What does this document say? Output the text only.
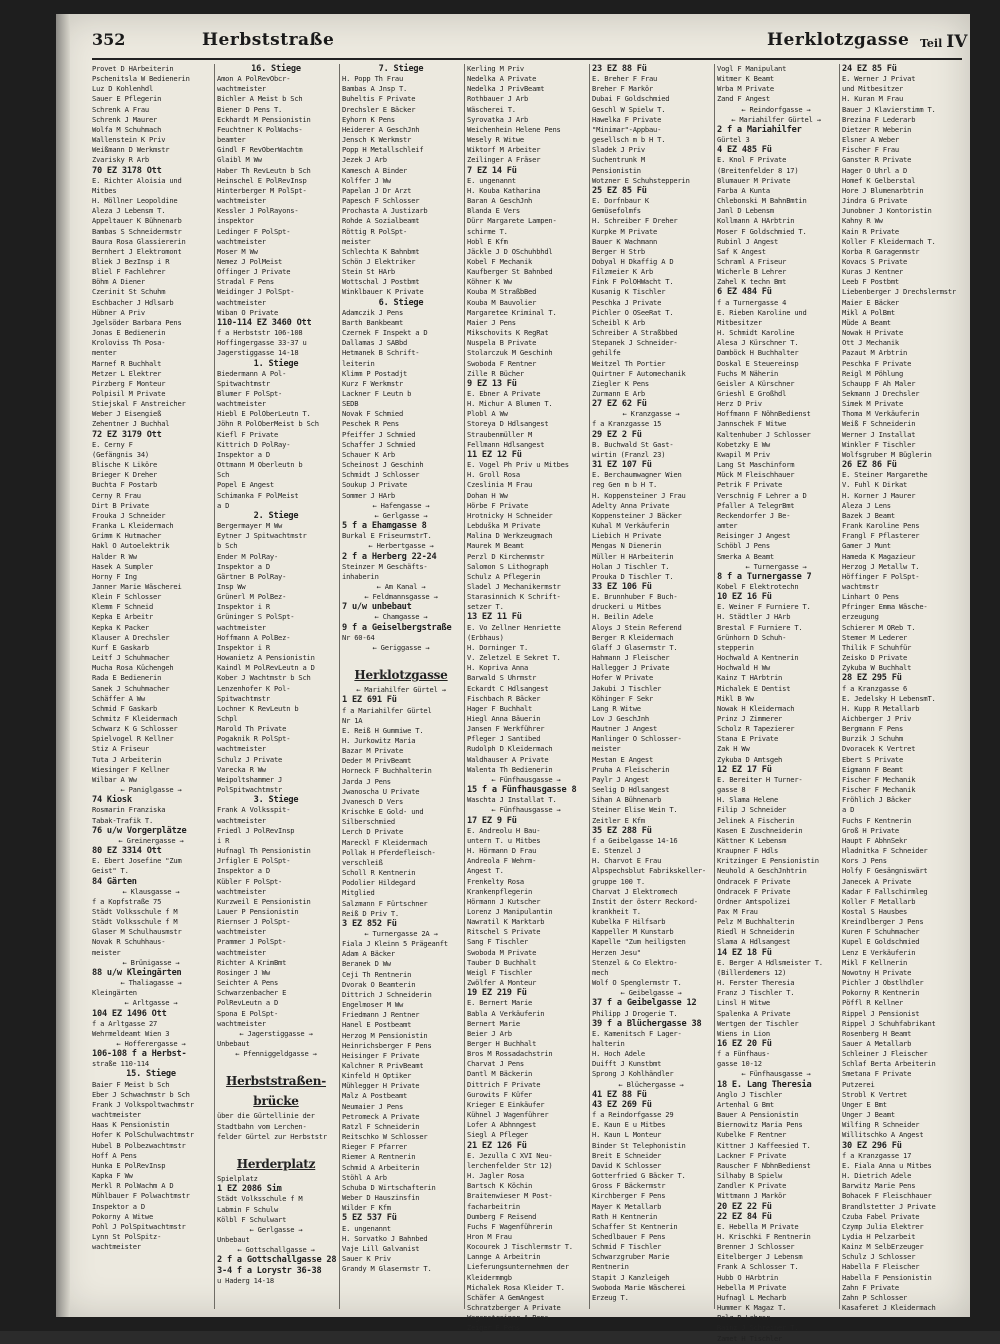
352	Herbststraße	Herklotzgasse Teil IV
Provet D HArbeiterin
Pschenitsla W Bedienerin
Luz D Kohlenhdl
Sauer E Pflegerin
Schrenk A Frau
Schrenk J Maurer
Wolfa M Schuhmach
Wallenstein K Priv
Weißmann D Werkmstr
Zvarisky R Arb
70 EZ 3178 Ott
E. Richter Aloisia und
Mitbes
H. Möllner Leopoldine
Aleza J Lebensm T.
Appeltauer K Bühnenarb
Bambas S Schneidermstr
Baura Rosa Glassiererin
Bernhert J Elektromont
Bliek J BezInsp i R
Bliel F Fachlehrer
Böhm A Diener
Czerinit St Schuhm
Eschbacher J Hdlsarb
Hübner A Priv
Jgelsöder Barbara Pens
Jonas E Bedienerin
Kroloviss Th Posa-
menter
Marnef R Buchhalt
Metzer L Elektrer
Pirzberg F Monteur
Polpisil M Private
Stiejskal F Anstreicher
Weber J Eisengieß
Zehentner J Buchhal
72 EZ 3179 Ott
E. Cerny F
(Gefängnis 34)
Blische K Liköre
Brieger K Dreher
Buchta F Postarb
Cerny R Frau
Dirt B Private
Frouka J Schneider
Franka L Kleidermach
Grimm K Hutmacher
Hakl O Autoelektrik
Halder R Ww
Hasek A Sumpler
Horny F Ing
Janner Marie Wäscherei
Klein F Schlosser
Klemm F Schneid
Kepka E Arbeitr
Kepka K Packer
Klauser A Drechsler
Kurf E Gaskarb
Leitf J Schuhmacher
Mucha Rosa Küchengeh
Rada E Bedienerin
Sanek J Schuhmacher
Schäffer A Ww
Schmid F Gaskarb
Schmitz F Kleidermach
Schwarz K G Schlosser
Spielvogel R Kellner
Stiz A Friseur
Tuta J Arbeiterin
Wiesinger F Kellner
Wilbar A Ww
← Paniglgasse →
74 Kiosk
Rosmarin Franziska
Tabak-Trafik T.
76 u/w Vorgerplätze
← Greinergasse →
80 EZ 3314 Ott
E. Ebert Josefine "Zum
Geist" T.
84 Gärten
← Klausgasse →
f a Kopfstraße 75
Städt Volksschule f M
Städt Volksschule f M
Glaser M Schulhausmstr
Novak R Schuhhaus-
meister
← Brünigasse →
88 u/w Kleingärten
← Thaliagasse →
Kleingärten
← Arltgasse →
104 EZ 1496 Ott
f a Arltgasse 27
Wehrmeldeamt Wien 3
← Hofferergasse →
106-108 f a Herbst-
straße 110-114
15. Stiege
Baier F Meist b Sch
Eber J Schwachmstr b Sch
Frank J Volkspoltwachmstr
wachtmeister
Haas K Pensionistin
Hofer K PolSchulwachtmstr
Hubel B Polbezwachtmstr
Hoff A Pens
Hunka E PolRevInsp
Kapka F Ww
Merkl R PolWachm A D
Mühlbauer F Polwachtmstr
Inspektor a D
Pokorny A Witwe
Pohl J PolSpitwachtmstr
Lynn St PolSpitz-
wachtmeister
16. Stiege
Amon A PolRevObcr-
wachtmeister
Bichler A Meist b Sch
Biener D Pens T.
Eckhardt M Pensionistin
Feuchtner K PolWachs-
beamter
Gindl F RevOberWachtm
Glaibl M Ww
Haber Th RevLeutn b Sch
Heinschel E PolRevInsp
Hinterberger M PolSpt-
wachtmeister
Kessler J PolRayons-
inspektor
Ledinger F PolSpt-
wachtmeister
Moser M Ww
Nemez J PolMeist
Offinger J Private
Stradal F Pens
Weidinger J PolSpt-
wachtmeister
Wiban O Private
110-114 EZ 3460 Ott
f a Herbststr 106-108
Hoffingergasse 33-37 u
Jagerstiggasse 14-18
1. Stiege
Biedermann A Pol-
Spitwachtmstr
Blumer F PolSpt-
wachtmeister
Hiebl E PolOberLeutn T.
Jöhn R PolOberMeist b Sch
Kiefl F Private
Kittrich D PolRay-
Inspektor a D
Ottmann M Oberleutn b
Sch
Popel E Angest
Schimanka F PolMeist
a D
2. Stiege
Bergermayer M Ww
Eytner J Spitwachtmstr
b Sch
Ender M PolRay-
Inspektor a D
Gärtner B PolRay-
Insp Ww
Grünerl M PolBez-
Inspektor i R
Grüninger S PolSpt-
wachtmeister
Hoffmann A PolBez-
Inspektor i R
Howanietz A Pensionistin
Kaindl M PolRevLeutn a D
Kober J Wachtmstr b Sch
Lenzenhofer K Pol-
Spitwachtmstr
Lochner K RevLeutn b
Schpl
Marold Th Private
Pogaknik R PolSpt-
wachtmeister
Schulz J Private
Varecka R Ww
Weipoltshammer J
PolSpitwachtmstr
3. Stiege
Frank A Volksspit-
wachtmeister
Friedl J PolRevInsp
i R
Hufnagl Th Pensionistin
Jrfigler E PolSpt-
Inspektor a D
Kübler F PolSpt-
wachtmeister
Kurzweil E Pensionistin
Lauer P Pensionistin
Riernser J PolSpt-
wachtmeister
Prammer J PolSpt-
wachtmeister
Richter A KrimBmt
Rosinger J Ww
Seichter A Pens
Schwarzenbacher E
PolRevLeutn a D
Spona E PolSpt-
wachtmeister
← Jagerstiggasse →
Unbebaut
← Pfenniggeldgasse →

Herbststraßen-
brücke
über die Gürtellinie der
Stadtbahn vom Lerchen-
felder Gürtel zur Herbststr

Herderplatz
Spielplatz
1 EZ 2086 Sim
Städt Volksschule f M
Labmin F Schulw
Kölbl F Schulwart
← Gerlgasse →
Unbebaut
← Gottschallgasse →
2 f a Gottschallgasse 28
3-4 f a Lorystr 36-38
u Haderg 14-18
7. Stiege
H. Popp Th Frau
Bambas A Jnsp T.
Buheltis F Private
Drechsler E Bäcker
Eyhorn K Pens
Heiderer A GeschJnh
Jensch K Werkmstr
Popp H Metallschleif
Jezek J Arb
Kamesch A Binder
Kolffer J Ww
Papelan J Dr Arzt
Papesch F Schlosser
Prochasta A Justizarb
Rohde A Sozialbeamt
Röttig R PolSpt-
meister
Schlechta K Bahnbmt
Schön J Elektriker
Stein St HArb
Wottschal J Postbmt
Winklbauer K Private
6. Stiege
Adamczik J Pens
Barth Bankbeamt
Czernek F Inspekt a D
Dallamas J SABbd
Hetmanek B Schrift-
leiterin
Klimm P Postadjt
Kurz F Werkmstr
Lackner F Leutn b
SEDB
Novak F Schmied
Peschek R Pens
Pfeiffer J Schmied
Schaffer J Schmied
Schauer K Arb
Scheinost J Geschinh
Schmidt J Schlosser
Soukup J Private
Sommer J HArb
← Hafengasse →
← Gerlgasse →
5 f a Ehamgasse 8
Burkal E FriseurmstrT.
← Herbertgasse →
2 f a Herberg 22-24
Steinzer M Geschäfts-
inhaberin
← Am Kanal →
← Feldmannsgasse →
7 u/w unbebaut
← Chamgasse →
9 f a Geiselbergstraße
Nr 60-64
← Geriggasse →

Herklotzgasse
← Mariahilfer Gürtel →
1 EZ 691 Fü
f a Mariahilfer Gürtel
Nr 1A
E. Reiß H Gummiwe T.
H. Jurkowitz Maria
Bazar M Private
Deder M PrivBeamt
Horneck F Buchhalterin
Jarda J Pens
Jwanoscha U Private
Jvanesch D Vers
Krischke E Gold- und
Silberschmied
Lerch D Private
Mareckl F Kleidermach
Pollak H Pferdefleisch-
verschleiß
Scholl R Kentnerin
Podolier Hildegard
Mitglied
Salzmann F Fürtschner
Reiß D Priv T.
3 EZ 852 Fü
← Turnergasse 2A →
Fiala J Kleinn 5 Prägeanft
Adam A Bäcker
Beranek D Ww
Ceji Th Rentnerin
Dvorak O Beamterin
Dittrich J Schneiderin
Engelmoser M Ww
Friedmann J Rentner
Hanel E Postbeamt
Herzog M Pensionistin
Heinrichsberger F Pens
Heisinger F Private
Kalchner R PrivBeamt
Kinfeld H Optiker
Mühlegger H Private
Malz A Postbeamt
Neumaier J Pens
Petromeck A Private
Ratzl F Schneiderin
Reitschko W Schlosser
Rieger F Pfarrer
Riemer A Rentnerin
Schmid A Arbeiterin
Stöhl A Arb
Schuba D Wirtschafterin
Weber D Hauszinsfin
Wilder F Kfm
5 EZ 537 Fü
E. ungenannt
H. Sorvatko J Bahnbed
Vaje Lill Galvanist
Sauer K Priv
Grandy M Glasermstr T.
Kerling M Priv
Nedelka A Private
Nedelka J PrivBeamt
Rothbauer J Arb
Wäscherei T.
Syrovatka J Arb
Weichenhein Helene Pens
Wesely R Witwe
Wiktorf M Arbeiter
Zeilinger A Fräser
7 EZ 14 Fü
E. ungenannt
H. Kouba Katharina
Baran A GeschJnh
Blanda E Vers
Dürr Margarete Lampen-
schirme T.
Hobl E Kfm
Jäckle J D OSchuhbhdl
Kobel F Mechanik
Kaufberger St Bahnbed
Köhner K Ww
Kouba M StraßbBed
Kouba M Bauvolier
Margaretee Kriminal T.
Maier J Pens
Mikschovits K RegRat
Nuspela B Private
Stolarczuk M Geschinh
Swoboda F Rentner
Zille R Bücher
9 EZ 13 Fü
E. Ebner A Private
H. Michur A Blumen T.
Plobl A Ww
Storeya D Hdlsangest
Straubenmüller M
Fellmann Hdlsangest
11 EZ 12 Fü
E. Vogel Ph Priv u Mitbes
H. Groll Rosa
Czeslinia M Frau
Dohan H Ww
Hörbe F Private
Hrotnicky H Schneider
Lebduška M Private
Malina D Werkzeugmach
Maurek M Beamt
Perzl D Kirchenmstr
Salomon S Lithograph
Schulz A Pflegerin
Sladel J Mechanikermstr
Starasinnich K Schrift-
setzer T.
13 EZ 11 Fü
E. Vo Zellner Henriette
(Erbhaus)
H. Dorninger T.
V. Zeletzel E Sekret T.
H. Kopriva Anna
Barwald S Uhrmstr
Eckardt C Hdlsangest
Fischbach R Bäcker
Hager F Buchhalt
Hiegl Anna Bäuerin
Jansen F Werkführer
Pfleger J Santibed
Rudolph D Kleidermach
Waldhauser A Private
Walenta Th Bedienerin
← Fünfhausgasse →
15 f a Fünfhausgasse 8
Waschta J Installat T.
← Fünfhausgasse →
17 EZ 9 Fü
E. Andreolu H Bau-
untern T. u Mitbes
H. Hörmann D Frau
Andreola F Wehrm-
Angest T.
Frenkelty Rosa
Krankenpflegerin
Hörmann J Kutscher
Lorenz J Manipulantin
Nawratil K Marktarb
Ritschel S Private
Sang F Tischler
Swoboda M Private
Tauber D Buchhalt
Weigl F Tischler
Zwölfer A Monteur
19 EZ 219 Fü
E. Bernert Marie
Babla A Verkäuferin
Bernert Marie
Beier J Arb
Berger H Buchhalt
Bros M Rossadachstrin
Charvat J Pens
Dantl M Bäckerin
Dittrich F Private
Gurowits F Küfer
Krieger E Einkäufer
Kühnel J Wagenführer
Lofer A Abhnngest
Siegl A Pfleger
21 EZ 126 Fü
E. Jezulla C XVI Neu-
lerchenfelder Str 12)
H. Jagler Rosa
Bartsch K Köchin
Braitenwieser M Post-
facharbeitrin
Dumberg F Reisend
Fuchs F Wagenführerin
Hron M Frau
Kocourek J Tischlermstr T.
Lannge A Arbeitrin
Lieferungsunternehmen der
Kleidermmgb
Michalek Rosa Kleider T.
Schäfer A GemAngest
Schratzberger A Private
Wegenstreiner A Pens
Zeiger F Pens
23 EZ 88 Fü
E. Breher F Frau
Breher F Markör
Dubai F Goldschmied
Geschl W Spielw T.
Hawelka F Private
"Minimar"-Appbau-
gesellsch m b H T.
Sladek J Priv
Suchentrunk M
Pensionistin
Wotzner E Schuhstepperin
25 EZ 85 Fü
E. Dorfnbaur K
Gemüsefolmfs
H. Schreiber F Dreher
Kurpke M Private
Bauer K Wachmann
Berger H Strb
Dobyal H Dkaffig A D
Filzmeier K Arb
Fink F PolOHWacht T.
Kusanig K Tischler
Peschka J Private
Pichler O OSeeRat T.
Scheibl K Arb
Schreiber A Straßbbed
Stepanek J Schneider-
gehilfe
Weitzel Th Portier
Quirtner F Automechanik
Ziegler K Pens
Zurmann E Arb
27 EZ 62 Fü
← Kranzgasse →
f a Kranzgasse 15
29 EZ 2 Fü
B. Buchwald St Gast-
wirtin (Franzl 23)
31 EZ 107 Fü
E. Berchaumwagner Wien
reg Gen m b H T.
H. Koppensteiner J Frau
Adelty Anna Private
Koppensteiner J Bäcker
Kuhal M Verkäuferin
Liebich H Private
Mengas N Dienerin
Müller H HArbeiterin
Holan J Tischler T.
Prouka D Tischler T.
33 EZ 106 Fü
E. Brunnhuber F Buch-
druckeri u Mitbes
H. Beilin Adele
Aloys J Stein Referend
Berger R Kleidermach
Glaff J Glasermstr T.
Hahmann J Fleischer
Hallegger J Private
Hofer W Private
Jakubi J Tischler
Köhinger F Sekr
Lang R Witwe
Lov J GeschJnh
Mautner J Angest
Manlinger O Schlosser-
meister
Mestan E Angest
Pruha A Fleischerin
Paylr J Angest
Seelig D Hdlsangest
Sihan A Bühnenarb
Steiner Elise Wein T.
Zeitler E Kfm
35 EZ 288 Fü
f a Geibelgasse 14-16
E. Stenzel J
H. Charvot E Frau
Alpspechsblut Fabrikskeller-
gruppe 100 T.
Charvat J Elektromech
Instit der österr Reckord-
krankheit T.
Kubelka F Hilfsarb
Kappeller M Kunstarb
Kapelle "Zum heiligsten
Herzen Jesu"
Stenzel & Co Elektro-
mech
Wolf O Spenglermstr T.
← Geibelgasse →
37 f a Geibelgasse 12
Philipp J Drogerie T.
39 f a Blüchergasse 38
E. Kamenitsch F Lager-
halterin
H. Hoch Adele
Duifft J Kunstbmt
Sprong J Kohlhändler
← Blüchergasse →
41 EZ 88 Fü
43 EZ 269 Fü
f a Reindorfgasse 29
E. Kaun E u Mitbes
H. Kaun L Monteur
Binder St Telephonistin
Breit E Schneider
David K Schlosser
Gotterfried G Bäcker T.
Gross F Bäckermstr
Kirchberger F Pens
Mayer K Metallarb
Rath H Kentnerin
Schaffer St Kentnerin
Schedlbauer F Pens
Schmid F Tischler
Schwarzgruber Marie
Rentnerin
Stapit J Kanzleigeh
Swoboda Marie Wäscherei
Erzeug T.
Vogl F Manipulant
Witmer K Beamt
Wrba M Private
Zand F Angest
← Reindorfgasse →
← Mariahilfer Gürtel →
2 f a Mariahilfer
Gürtel 3
4 EZ 485 Fü
E. Knol F Private
(Breitenfelder 8 17)
Blumauer M Private
Farba A Kunta
Chlebonski M BahnBmtin
Janl D Lebensm
Kollmann A HArbtrin
Moser F Goldschmied T.
Rubinl J Angest
Saf K Angest
Schraml A Friseur
Wicherle B Lehrer
Zahel K techn Bmt
6 EZ 484 Fü
f a Turnergasse 4
E. Rieben Karoline und
Mitbesitzer
H. Schmidt Karoline
Alesa J Kürschner T.
Damböck H Buchhalter
Doskal E Steuereinsp
Fuchs M Näherin
Geisler A Kürschner
Grieshl E Großhdl
Herz D Priv
Hoffmann F NöhnBedienst
Jannschek F Witwe
Kaltenhuber J Schlosser
Kobetzky E Ww
Kwapil M Priv
Lang St Maschinform
Mück M Fleischhauer
Petrik F Private
Verschnig F Lehrer a D
Pfaller A TelegrBmt
Reckendorfer J Be-
amter
Reisinger J Angest
Schöbl J Pens
Smerka A Beamt
← Turnergasse →
8 f a Turnergasse 7
Kobel F Elektrotechn
10 EZ 16 Fü
E. Weiner F Furniere T.
H. Städtler J HArb
Brestal F Furniere T.
Grünhorn D Schuh-
stepperin
Hochwald A Kentnerin
Hochwald H Ww
Kainz T HArbtrin
Michalek E Dentist
Mikl B Ww
Nowak H Kleidermach
Prinz J Zimmerer
Scholz R Tapezierer
Stana E Private
Zak H Ww
Zykuba D Amtsgeh
12 EZ 17 Fü
E. Bereiter H Turner-
gasse 8
H. Slama Helene
Filip J Schneider
Jelinek A Fischerin
Kasen E Zuschneiderin
Kättner K Lebensm
Kraupner F Hdls
Kritzinger E Pensionistin
Neuhold A GeschJnhtrin
Ondracek F Private
Ondracek F Private
Ordner Amtspolizei
Pax M Frau
Pelz M Buchhalterin
Riedl H Schneiderin
Slama A Hdlsangest
14 EZ 18 Fü
E. Berger A Hdlsmeister T.
(Billerdemers 12)
H. Ferster Theresia
Franz J Tischler T.
Linsl H Witwe
Spalenka A Private
Wertgen der Tischler
Wiens in Lion
16 EZ 20 Fü
f a Fünfhaus-
gasse 10-12
← Fünfhausgasse →
18 E. Lang Theresia
Anglo J Tischler
Artenhal G Bmt
Bauer A Pensionistin
Biernowitz Maria Pens
Kubelke F Rentner
Kittner J Kaffeesied T.
Lackner F Private
Rauscher F NbhnBedienst
Silhaby B Spielw
Zandler K Private
Wittmann J Markör
20 EZ 22 Fü
22 EZ 84 Fü
E. Hebella M Private
H. Krischki F Rentnerin
Brenner J Schlosser
Eitelberger J Lebensm
Frank A Schlosser T.
Hubb O HArbtrin
Hebella M Private
Hufnagl L Mecharb
Hummer K Magaz T.
Pelz D Lehrer
Rainz J Schreiner T.
Zamet H Tischler
24 EZ 85 Fü
E. Werner J Privat
und Mitbesitzer
H. Kuran M Frau
Bauer J Klavierstimm T.
Brezina F Lederarb
Dietzer R Weberin
Elsner A Weber
Fischer F Frau
Ganster R Private
Hager O Uhrl a D
Homef K Gelberstal
Hore J Blumenarbtrin
Jindra G Private
Junobner J Kontoristin
Kahny R Ww
Kain R Private
Koller F Kleidermach T.
Korba R Garagenmstr
Kovacs S Private
Kuras J Kentner
Leeb F Postbmt
Liebenberger J Drechslermstr
Maier E Bäcker
Mikl A PolBmt
Müde A Beamt
Nowak H Private
Ott J Mechanik
Pazaut M Arbtrin
Peschka F Private
Reigl M Pöhlung
Schaupp F Ah Maler
Sekmann J Drechsler
Simek M Private
Thoma M Verkäuferin
Weiß F Schneiderin
Werner J Installat
Winkler F Tischler
Wolfsgruber M Büglerin
26 EZ 86 Fü
E. Steiner Margarethe
V. Fuhl K Dirkat
H. Korner J Maurer
Aleza J Lens
Bazek J Beamt
Frank Karoline Pens
Frangl F Pflasterer
Gamer J Munt
Hameda K Magazieur
Herzog J Metallw T.
Höffinger F PolSpt-
wachtmstr
Linhart O Pens
Pfringer Emma Wäsche-
erzeugung
Schierer M OReb T.
Stemer M Lederer
Thilik F Schuhfür
Zeisko D Private
Zykuba W Buchhalt
28 EZ 295 Fü
f a Kranzgasse 6
E. Jedelsky H LebensmT.
H. Kupp R Metallarb
Aichberger J Priv
Bergmann F Pens
Burzik J Schuhm
Dvoracek K Vertret
Ebert S Private
Eigmann F Beamt
Fischer F Mechanik
Fischer F Mechanik
Fröhlich J Bäcker
a D
Fuchs F Kentnerin
Groß H Private
Haupt F AbhnSekr
Hladnitka F Schneider
Kors J Pens
Holfy F Gesängniswärt
Janecek A Private
Kadar F Fallschirmleg
Koller F Metallarb
Kostal S Hausbes
Kreindlberger J Pens
Kuren F Schuhmacher
Kupel E Goldschmied
Lenz E Verkäuferin
Mikl F Kellnerin
Nowotny H Private
Pichler J Obstlhdler
Pokorny R Kentnerin
Pöffl R Kellner
Rippel J Pensionist
Rippel J Schuhfabrikant
Rosenberg H Beamt
Sauer A Metallarb
Schleiner J Fleischer
Schlaf Berta Arbeiterin
Smetana F Private
Putzerei
Strobl K Vertret
Unger E Bmt
Unger J Beamt
Wilfing R Schneider
Willitschko A Angest
30 EZ 296 Fü
f a Kranzgasse 17
E. Fiala Anna u Mitbes
H. Dietrich Adele
Barwitz Marie Pens
Bohacek F Fleischhauer
Brandlstetter J Private
Czuba Fabel Private
Czymp Julia Elektrer
Lydia H Pelzarbeit
Kainz M SelbErzeuger
Schulz J Schlosser
Habella F Fleischer
Habella F Pensionistin
Zahn F Private
Zahn P Schlosser
Kasaferet J Kleidermach
